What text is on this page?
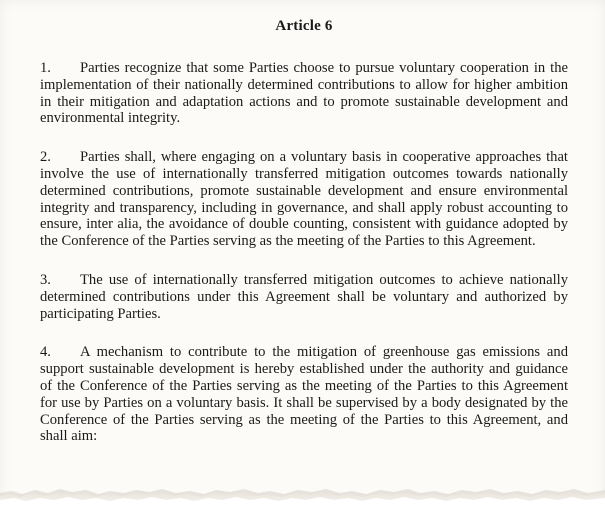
Article 6

1. Parties recognize that some Parties choose to pursue voluntary cooperation in the implementation of their nationally determined contributions to allow for higher ambition in their mitigation and adaptation actions and to promote sustainable development and environmental integrity.

2. Parties shall, where engaging on a voluntary basis in cooperative approaches that involve the use of internationally transferred mitigation outcomes towards nationally determined contributions, promote sustainable development and ensure environmental integrity and transparency, including in governance, and shall apply robust accounting to ensure, inter alia, the avoidance of double counting, consistent with guidance adopted by the Conference of the Parties serving as the meeting of the Parties to this Agreement.

3. The use of internationally transferred mitigation outcomes to achieve nationally determined contributions under this Agreement shall be voluntary and authorized by participating Parties.

4. A mechanism to contribute to the mitigation of greenhouse gas emissions and support sustainable development is hereby established under the authority and guidance of the Conference of the Parties serving as the meeting of the Parties to this Agreement for use by Parties on a voluntary basis. It shall be supervised by a body designated by the Conference of the Parties serving as the meeting of the Parties to this Agreement, and shall aim:
